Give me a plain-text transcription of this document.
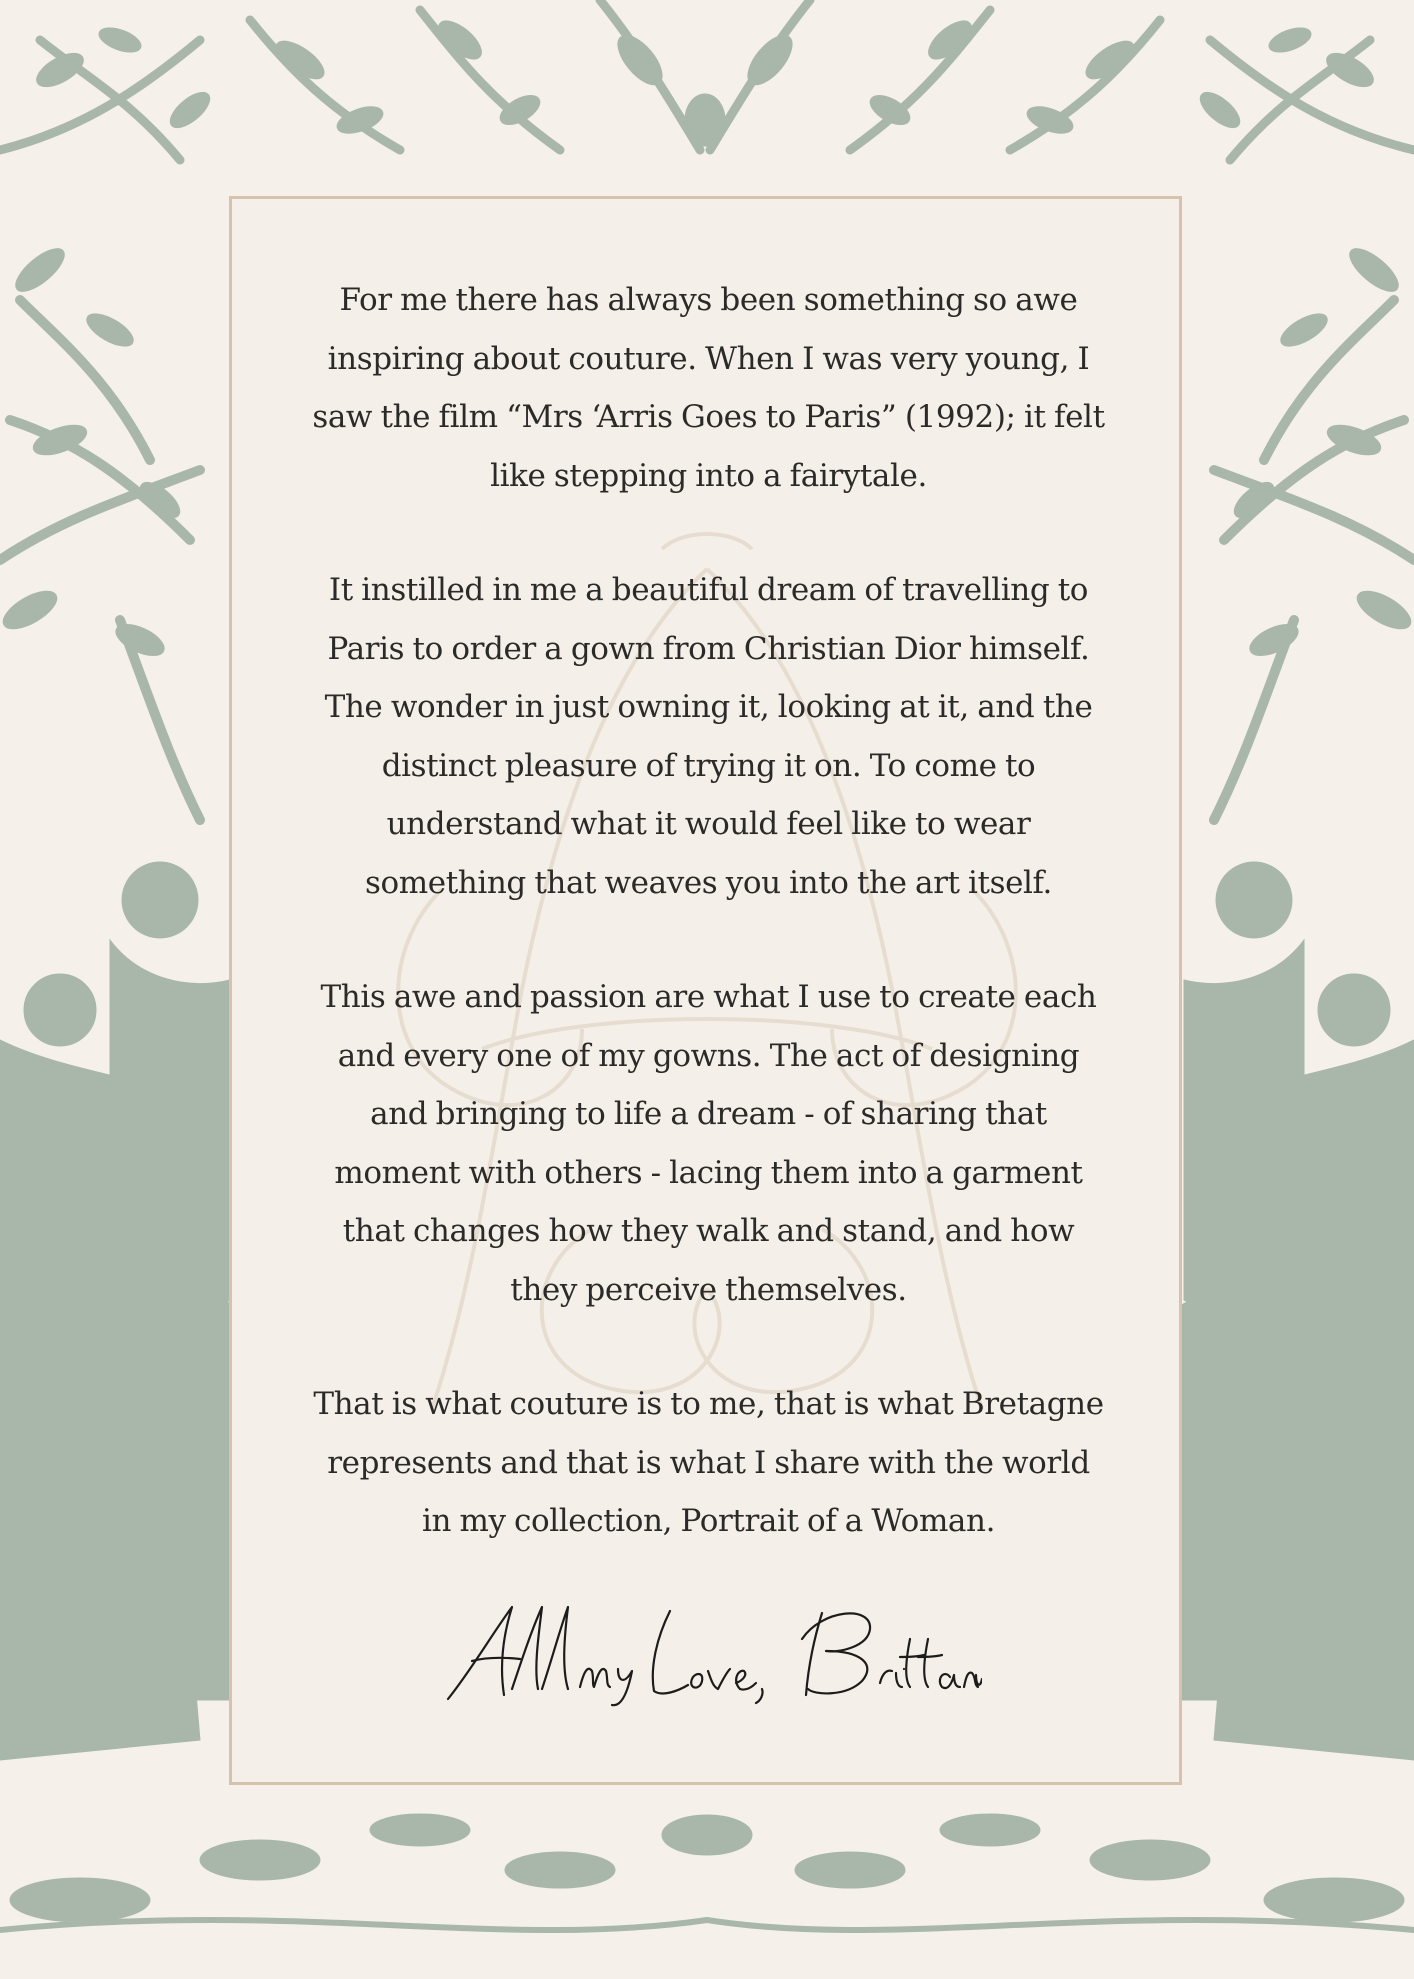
For me there has always been something so awe
inspiring about couture. When I was very young, I
saw the film “Mrs ‘Arris Goes to Paris” (1992); it felt
like stepping into a fairytale.

It instilled in me a beautiful dream of travelling to
Paris to order a gown from Christian Dior himself.
The wonder in just owning it, looking at it, and the
distinct pleasure of trying it on. To come to
understand what it would feel like to wear
something that weaves you into the art itself.

This awe and passion are what I use to create each
and every one of my gowns. The act of designing
and bringing to life a dream - of sharing that
moment with others - lacing them into a garment
that changes how they walk and stand, and how
they perceive themselves.

That is what couture is to me, that is what Bretagne
represents and that is what I share with the world
in my collection, Portrait of a Woman.
